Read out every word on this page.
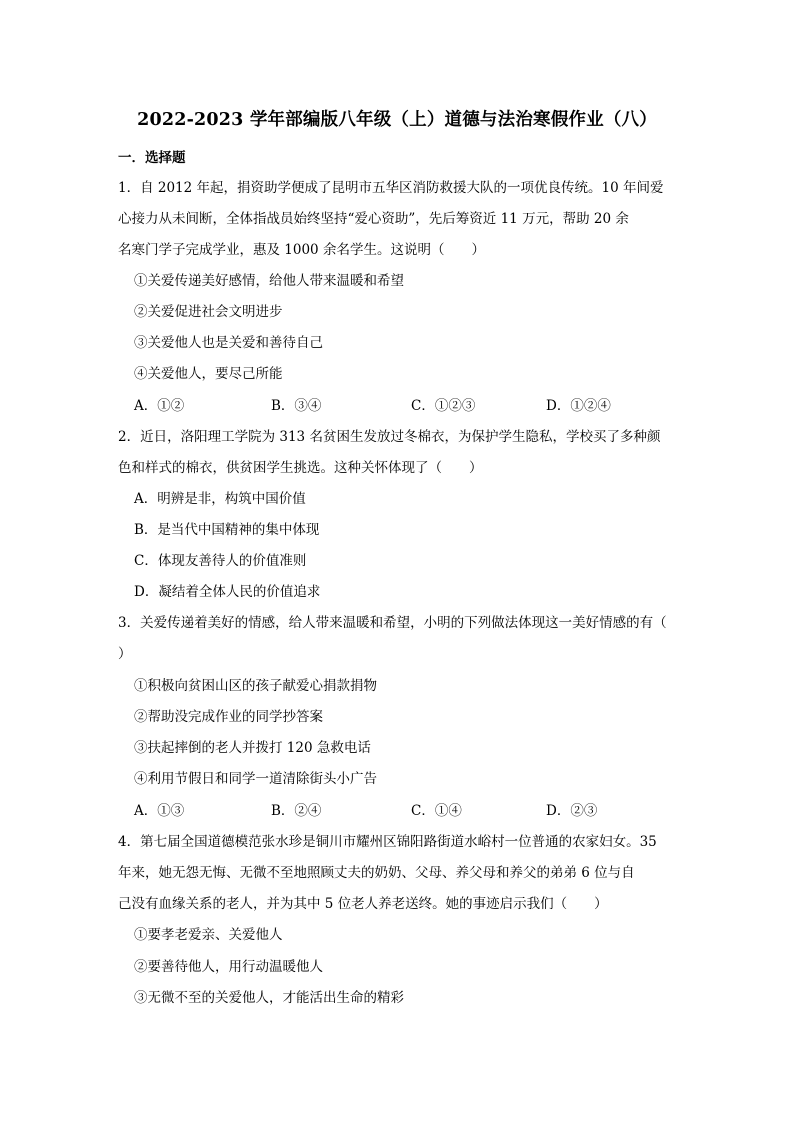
2022-2023 学年部编版八年级（上）道德与法治寒假作业（八）
一．选择题
1．自 2012 年起，捐资助学便成了昆明市五华区消防救援大队的一项优良传统。10 年间爱
心接力从未间断，全体指战员始终坚持“爱心资助”，先后筹资近 11 万元，帮助 20 余
名寒门学子完成学业，惠及 1000 余名学生。这说明（　　）
①关爱传递美好感情，给他人带来温暖和希望
②关爱促进社会文明进步
③关爱他人也是关爱和善待自己
④关爱他人，要尽己所能
A．①②	B．③④	C．①②③	D．①②④
2．近日，洛阳理工学院为 313 名贫困生发放过冬棉衣，为保护学生隐私，学校买了多种颜
色和样式的棉衣，供贫困学生挑选。这种关怀体现了（　　）
A．明辨是非，构筑中国价值
B．是当代中国精神的集中体现
C．体现友善待人的价值准则
D．凝结着全体人民的价值追求
3．关爱传递着美好的情感，给人带来温暖和希望，小明的下列做法体现这一美好情感的有（
）
①积极向贫困山区的孩子献爱心捐款捐物
②帮助没完成作业的同学抄答案
③扶起摔倒的老人并拨打 120 急救电话
④利用节假日和同学一道清除街头小广告
A．①③	B．②④	C．①④	D．②③
4．第七届全国道德模范张水珍是铜川市耀州区锦阳路街道水峪村一位普通的农家妇女。35
年来，她无怨无悔、无微不至地照顾丈夫的奶奶、父母、养父母和养父的弟弟 6 位与自
己没有血缘关系的老人，并为其中 5 位老人养老送终。她的事迹启示我们（　　）
①要孝老爱亲、关爱他人
②要善待他人，用行动温暖他人
③无微不至的关爱他人，才能活出生命的精彩
